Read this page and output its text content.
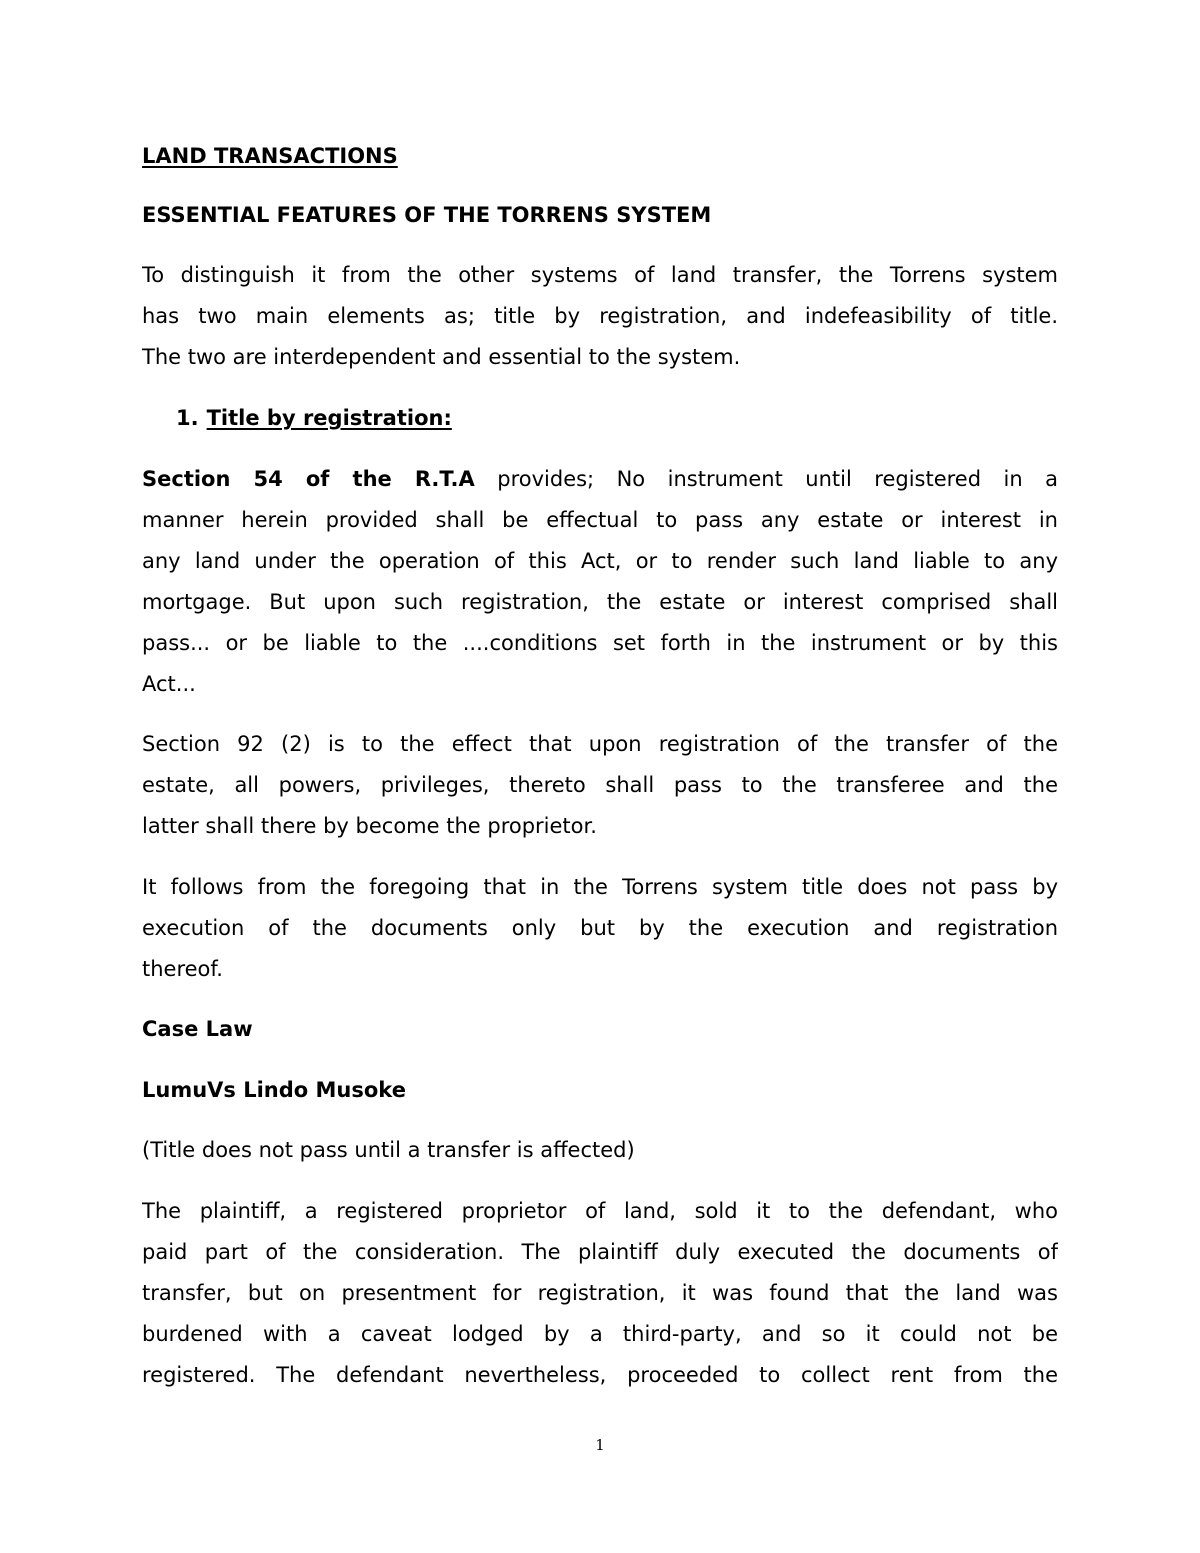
LAND TRANSACTIONS
ESSENTIAL FEATURES OF THE TORRENS SYSTEM
To distinguish it from the other systems of land transfer, the Torrens system
has two main elements as; title by registration, and indefeasibility of title.
The two are interdependent and essential to the system.
1. Title by registration:
Section 54 of the R.T.A provides; No instrument until registered in a
manner herein provided shall be effectual to pass any estate or interest in
any land under the operation of this Act, or to render such land liable to any
mortgage. But upon such registration, the estate or interest comprised shall
pass... or be liable to the ....conditions set forth in the instrument or by this
Act...
Section 92 (2) is to the effect that upon registration of the transfer of the
estate, all powers, privileges, thereto shall pass to the transferee and the
latter shall there by become the proprietor.
It follows from the foregoing that in the Torrens system title does not pass by
execution of the documents only but by the execution and registration
thereof.
Case Law
LumuVs Lindo Musoke
(Title does not pass until a transfer is affected)
The plaintiff, a registered proprietor of land, sold it to the defendant, who
paid part of the consideration. The plaintiff duly executed the documents of
transfer, but on presentment for registration, it was found that the land was
burdened with a caveat lodged by a third-party, and so it could not be
registered. The defendant nevertheless, proceeded to collect rent from the
1
